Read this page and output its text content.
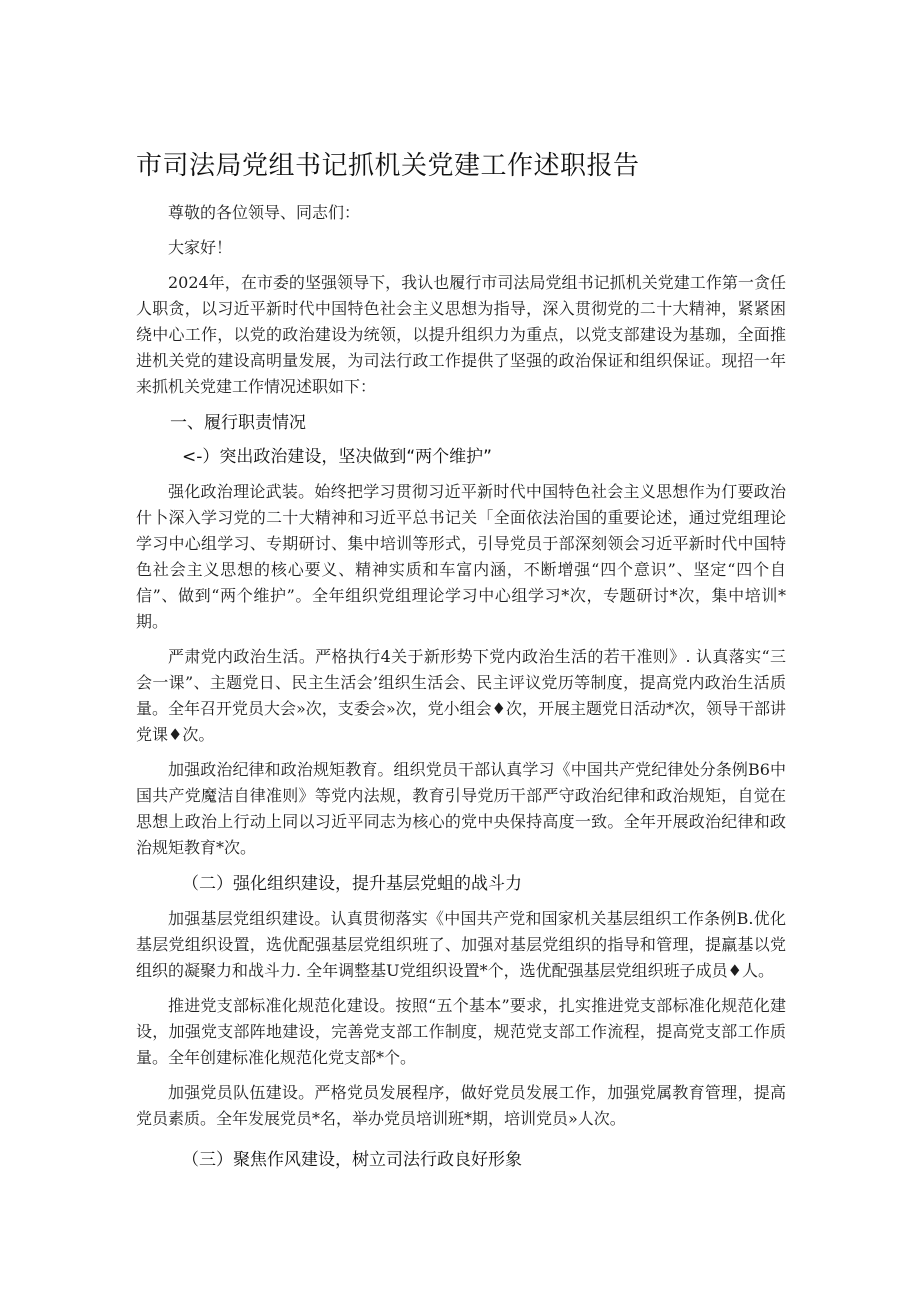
市司法局党组书记抓机关党建工作述职报告

尊敬的各位领导、同志们：

大家好！

2024年，在市委的坚强领导下，我认也履行市司法局党组书记抓机关党建工作第一贪任人职贪，以习近平新时代中国特色社会主义思想为指导，深入贯彻党的二十大精神，紧紧困绕中心工作，以党的政治建设为统领，以提升组织力为重点，以党支部建设为基珈，全面推进机关党的建设高明量发展，为司法行政工作提供了坚强的政治保证和组织保证。现招一年来抓机关党建工作情况述职如下：

一、履行职责情况
<-）突出政治建设，坚决做到“两个维护”

强化政治理论武装。始终把学习贯彻习近平新时代中国特色社会主义思想作为仃要政治什卜深入学习党的二十大精神和习近平总书记关「全面依法治国的重要论述，通过党组理论学习中心组学习、专期研讨、集中培训等形式，引导党员于部深刻领会习近平新时代中国特色社会主义思想的核心要义、精神实质和车富内涵，不断增强“四个意识”、坚定“四个自信”、做到“两个维护”。全年组织党组理论学习中心组学习*次，专题研讨*次，集中培训*期。

严肃党内政治生活。严格执行4关于新形势下党内政治生活的若干准则》. 认真落实“三会一课”、主题党日、民主生活会’组织生活会、民主评议党历等制度，提高党内政治生活质量。全年召开党员大会»次，支委会»次，党小组会♦次，开展主题党日活动*次，领导干部讲党课♦次。

加强政治纪律和政治规矩教育。组织党员干部认真学习《中国共产党纪律处分条例B6中国共产党魔洁自律准则》等党内法规，教育引导党历干部严守政治纪律和政治规矩，自觉在思想上政治上行动上同以习近平同志为核心的党中央保持高度一致。全年开展政治纪律和政治规矩教育*次。

（二）强化组织建设，提升基层党蛆的战斗力

加强基层党组织建设。认真贯彻落实《中国共产党和国家机关基层组织工作条例B.优化基层党组织设置，选优配强基层党组织班了、加强对基层党组织的指导和管理，提羸基以党组织的凝聚力和战斗力. 全年调整基U党组织设置*个，选优配强基层党组织班子成员♦人。

推进党支部标准化规范化建设。按照“五个基本”要求，扎实推进党支部标准化规范化建设，加强党支部阵地建设，完善党支部工作制度，规范党支部工作流程，提高党支部工作质量。全年创建标准化规范化党支部*个。

加强党员队伍建设。严格党员发展程序，做好党员发展工作，加强党属教育管理，提高党员素质。全年发展党员*名，举办党员培训班*期，培训党员»人次。

（三）聚焦作风建设，树立司法行政良好形象
